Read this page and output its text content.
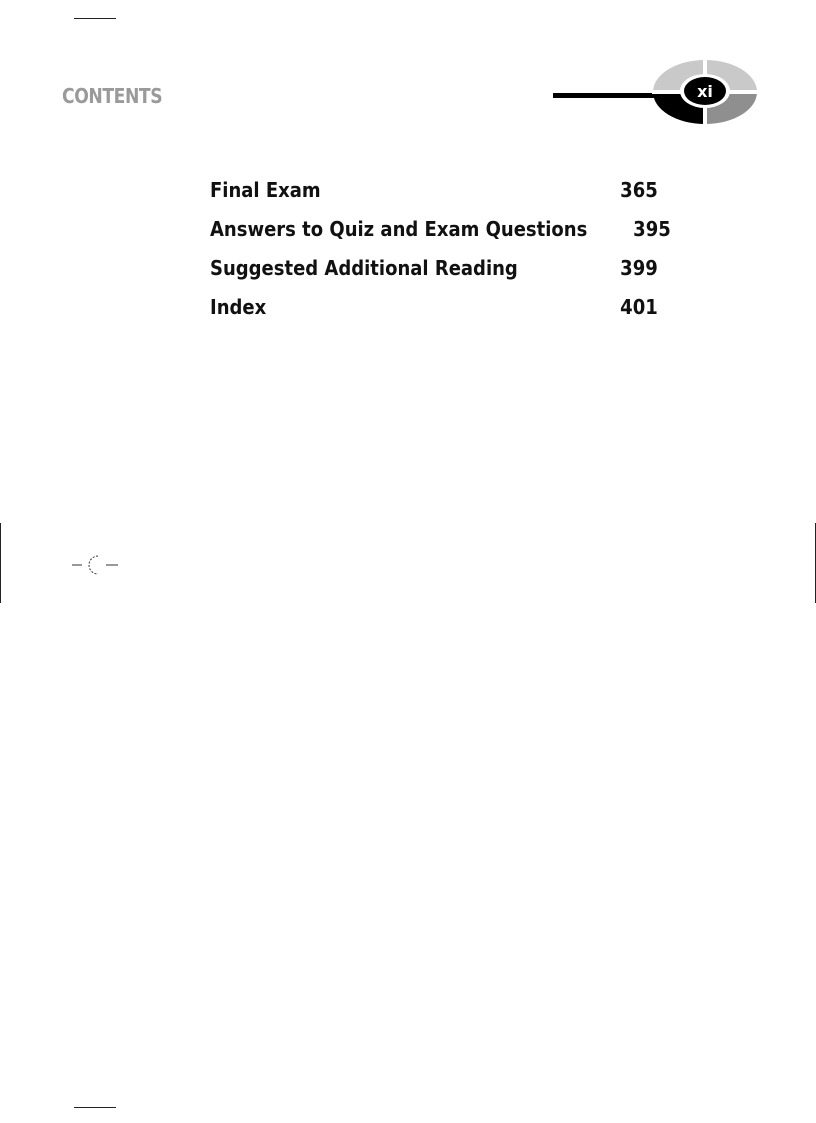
CONTENTS	xi
Final Exam	365
Answers to Quiz and Exam Questions 395
Suggested Additional Reading	399
Index	401
